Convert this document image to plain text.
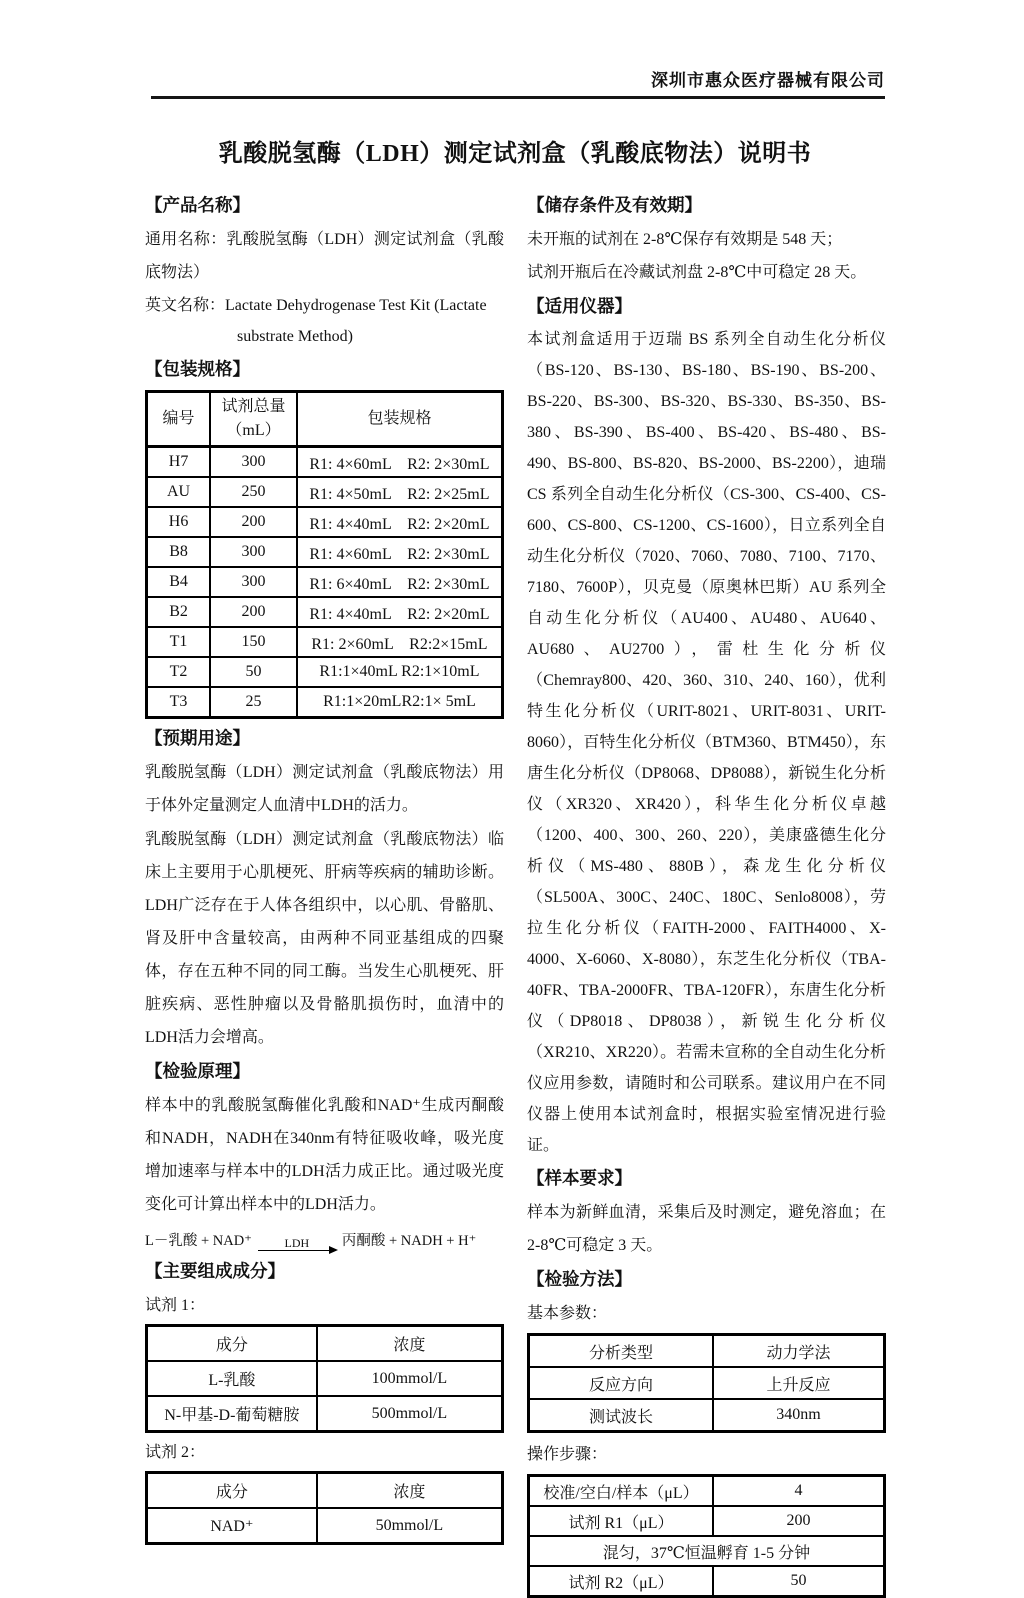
深圳市惠众医疗器械有限公司
乳酸脱氢酶（LDH）测定试剂盒（乳酸底物法）说明书
【产品名称】
通用名称：乳酸脱氢酶（LDH）测定试剂盒（乳酸底物法）
英文名称：Lactate Dehydrogenase Test Kit (Lactate
substrate Method)
【包装规格】
编号	试剂总量（mL）	包装规格
H7	300	R1: 4×60mL　R2: 2×30mL
AU	250	R1: 4×50mL　R2: 2×25mL
H6	200	R1: 4×40mL　R2: 2×20mL
B8	300	R1: 4×60mL　R2: 2×30mL
B4	300	R1: 6×40mL　R2: 2×30mL
B2	200	R1: 4×40mL　R2: 2×20mL
T1	150	R1: 2×60mL　R2:2×15mL
T2	50	R1:1×40mL R2:1×10mL
T3	25	R1:1×20mLR2:1× 5mL
【预期用途】
乳酸脱氢酶（LDH）测定试剂盒（乳酸底物法）用于体外定量测定人血清中LDH的活力。
乳酸脱氢酶（LDH）测定试剂盒（乳酸底物法）临床上主要用于心肌梗死、肝病等疾病的辅助诊断。LDH广泛存在于人体各组织中，以心肌、骨骼肌、肾及肝中含量较高，由两种不同亚基组成的四聚体，存在五种不同的同工酶。当发生心肌梗死、肝脏疾病、恶性肿瘤以及骨骼肌损伤时，血清中的LDH活力会增高。
【检验原理】
样本中的乳酸脱氢酶催化乳酸和NAD⁺生成丙酮酸和NADH，NADH在340nm有特征吸收峰，吸光度增加速率与样本中的LDH活力成正比。通过吸光度变化可计算出样本中的LDH活力。
L－乳酸 + NAD⁺	LDH 丙酮酸 + NADH + H⁺
【主要组成成分】
试剂 1：
成分	浓度
L-乳酸	100mmol/L
N-甲基-D-葡萄糖胺	500mmol/L
试剂 2：
成分	浓度
NAD⁺	50mmol/L
【储存条件及有效期】
未开瓶的试剂在 2-8℃保存有效期是 548 天；
试剂开瓶后在冷藏试剂盘 2-8℃中可稳定 28 天。
【适用仪器】
本试剂盒适用于迈瑞 BS 系列全自动生化分析仪（BS-120、BS-130、BS-180、BS-190、BS-200、BS-220、BS-300、BS-320、BS-330、BS-350、BS-380、BS-390、BS-400、BS-420、BS-480、BS-490、BS-800、BS-820、BS-2000、BS-2200），迪瑞 CS 系列全自动生化分析仪（CS-300、CS-400、CS-600、CS-800、CS-1200、CS-1600），日立系列全自动生化分析仪（7020、7060、7080、7100、7170、7180、7600P），贝克曼（原奥林巴斯）AU 系列全自动生化分析仪（AU400、AU480、AU640、AU680、AU2700），雷杜生化分析仪（Chemray800、420、360、310、240、160），优利特生化分析仪（URIT-8021、URIT-8031、URIT-8060），百特生化分析仪（BTM360、BTM450），东唐生化分析仪（DP8068、DP8088），新锐生化分析仪（XR320、XR420），科华生化分析仪卓越（1200、400、300、260、220），美康盛德生化分析仪（MS-480、880B），森龙生化分析仪（SL500A、300C、240C、180C、Senlo8008），劳拉生化分析仪（FAITH-2000、FAITH4000、X-4000、X-6060、X-8080），东芝生化分析仪（TBA-40FR、TBA-2000FR、TBA-120FR），东唐生化分析仪（DP8018、DP8038），新锐生化分析仪（XR210、XR220）。若需未宣称的全自动生化分析仪应用参数，请随时和公司联系。建议用户在不同仪器上使用本试剂盒时，根据实验室情况进行验证。
【样本要求】
样本为新鲜血清，采集后及时测定，避免溶血；在 2-8℃可稳定 3 天。
【检验方法】
基本参数：
分析类型	动力学法
反应方向	上升反应
测试波长	340nm
操作步骤：
校准/空白/样本（μL）	4
试剂 R1（μL）	200
混匀，37℃恒温孵育 1-5 分钟	
试剂 R2（μL）	50
